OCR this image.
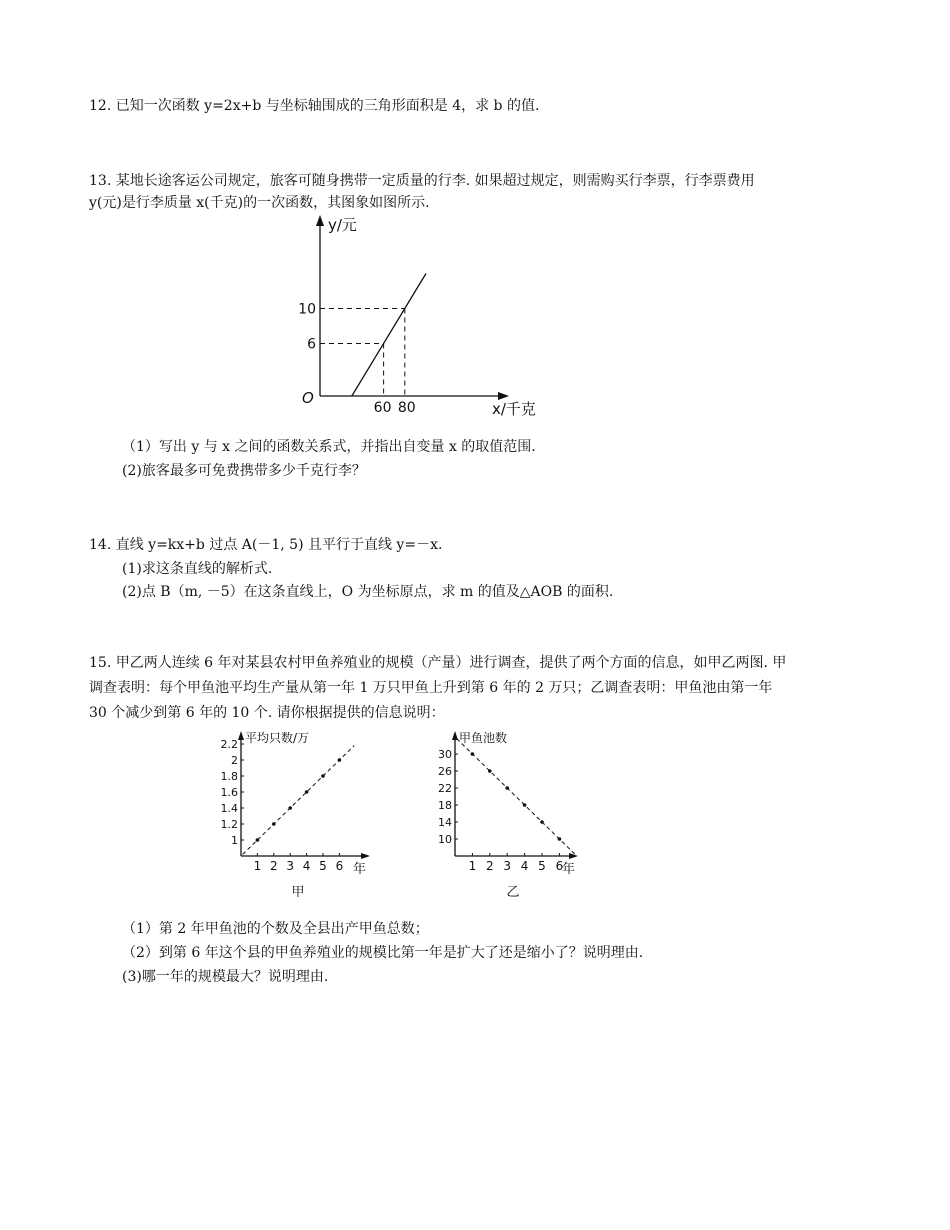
12. 已知一次函数 y=2x+b 与坐标轴围成的三角形面积是 4，求 b 的值.
13. 某地长途客运公司规定，旅客可随身携带一定质量的行李. 如果超过规定，则需购买行李票，行李票费用
y(元)是行李质量 x(千克)的一次函数，其图象如图所示.
y/元
x/千克
O
6
10
60 80
（1）写出 y 与 x 之间的函数关系式，并指出自变量 x 的取值范围.
(2)旅客最多可免费携带多少千克行李？
14. 直线 y=kx+b 过点 A(－1, 5) 且平行于直线 y=－x.
(1)求这条直线的解析式.
(2)点 B（m, －5）在这条直线上，O 为坐标原点，求 m 的值及△AOB 的面积.
15. 甲乙两人连续 6 年对某县农村甲鱼养殖业的规模（产量）进行调查，提供了两个方面的信息，如甲乙两图. 甲
调查表明：每个甲鱼池平均生产量从第一年 1 万只甲鱼上升到第 6 年的 2 万只；乙调查表明：甲鱼池由第一年
30 个减少到第 6 年的 10 个. 请你根据提供的信息说明：
平均只数/万
年
甲
1 2 3 4 5 6
1
1.2
1.4
1.6
1.8
2
2.2	甲鱼池数
年
乙
1 2 3 4 5 6
10
14
18
22
26
30
（1）第 2 年甲鱼池的个数及全县出产甲鱼总数；
（2）到第 6 年这个县的甲鱼养殖业的规模比第一年是扩大了还是缩小了？说明理由.
(3)哪一年的规模最大？说明理由.
